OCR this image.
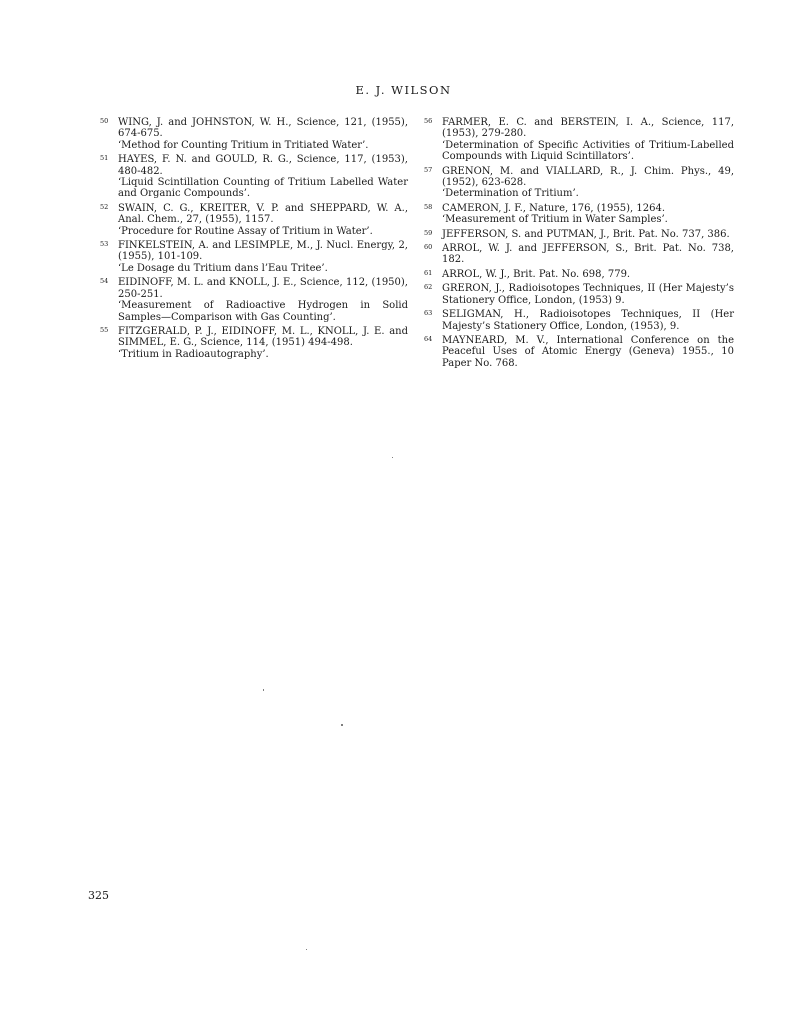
E. J. WILSON
50 WING, J. and JOHNSTON, W. H., Science, 121, (1955), 674-675.
‘Method for Counting Tritium in Tritiated Water’.
51 HAYES, F. N. and GOULD, R. G., Science, 117, (1953), 480-482.
‘Liquid Scintillation Counting of Tritium Labelled Water and Organic Compounds’.
52 SWAIN, C. G., KREITER, V. P. and SHEPPARD, W. A., Anal. Chem., 27, (1955), 1157.
‘Procedure for Routine Assay of Tritium in Water’.
53 FINKELSTEIN, A. and LESIMPLE, M., J. Nucl. Energy, 2, (1955), 101-109.
‘Le Dosage du Tritium dans l’Eau Tritee’.
54 EIDINOFF, M. L. and KNOLL, J. E., Science, 112, (1950), 250-251.
‘Measurement of Radioactive Hydrogen in Solid Samples—Comparison with Gas Counting’.
55 FITZGERALD, P. J., EIDINOFF, M. L., KNOLL, J. E. and SIMMEL, E. G., Science, 114, (1951) 494-498.
‘Tritium in Radioautography’.
56 FARMER, E. C. and BERSTEIN, I. A., Science, 117, (1953), 279-280.
‘Determination of Specific Activities of Tritium-Labelled Compounds with Liquid Scintillators’.
57 GRENON, M. and VIALLARD, R., J. Chim. Phys., 49, (1952), 623-628.
‘Determination of Tritium’.
58 CAMERON, J. F., Nature, 176, (1955), 1264.
‘Measurement of Tritium in Water Samples’.
59 JEFFERSON, S. and PUTMAN, J., Brit. Pat. No. 737, 386.
60 ARROL, W. J. and JEFFERSON, S., Brit. Pat. No. 738, 182.
61 ARROL, W. J., Brit. Pat. No. 698, 779.
62 GRERON, J., Radioisotopes Techniques, II (Her Majesty’s Stationery Office, London, (1953) 9.
63 SELIGMAN, H., Radioisotopes Techniques, II (Her Majesty’s Stationery Office, London, (1953), 9.
64 MAYNEARD, M. V., International Conference on the Peaceful Uses of Atomic Energy (Geneva) 1955., 10 Paper No. 768.
325
